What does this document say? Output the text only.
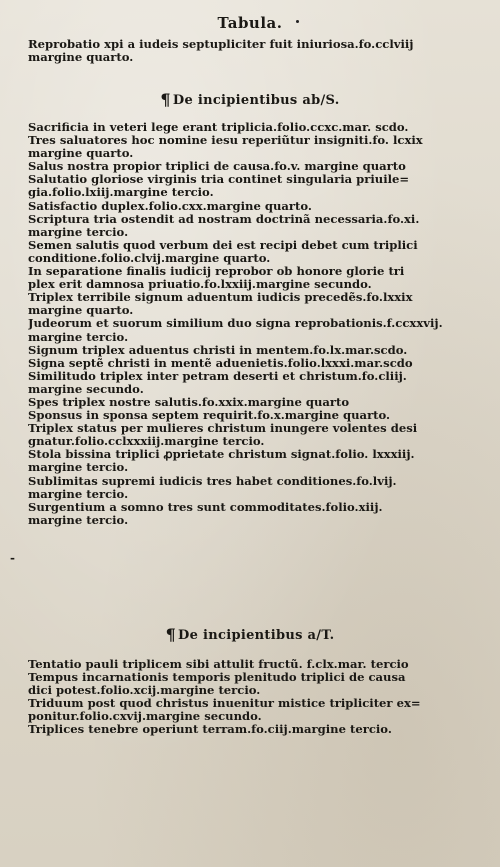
Tabula.
Reprobatio xpi a iudeis septupliciter fuit iniuriosa.fo.cclviij
margine quarto.
¶ De incipientibus ab/S.
Sacrificia in veteri lege erant triplicia.folio.ccxc.mar. scdo.
Tres saluatores hoc nomine iesu reperiũtur insigniti.fo. lcxix
margine quarto.
Salus nostra propior triplici de causa.fo.v. margine quarto
Salutatio gloriose virginis tria continet singularia priuile=
gia.folio.lxiij.margine tercio.
Satisfactio duplex.folio.cxx.margine quarto.
Scriptura tria ostendit ad nostram doctrinã necessaria.fo.xi.
margine tercio.
Semen salutis quod verbum dei est recipi debet cum triplici
conditione.folio.clvij.margine quarto.
In separatione finalis iudicij reprobor ob honore glorie tri
plex erit damnosa priuatio.fo.lxxiij.margine secundo.
Triplex terribile signum aduentum iudicis precedẽs.fo.lxxix
margine quarto.
Judeorum et suorum similium duo signa reprobationis.f.ccxxvij.
margine tercio.
Signum triplex aduentus christi in mentem.fo.lx.mar.scdo.
Signa septẽ christi in mentẽ aduenietis.folio.lxxxi.mar.scdo
Similitudo triplex inter petram deserti et christum.fo.cliij.
margine secundo.
Spes triplex nostre salutis.fo.xxix.margine quarto
Sponsus in sponsa septem requirit.fo.x.margine quarto.
Triplex status per mulieres christum inungere volentes desi
gnatur.folio.cclxxxiij.margine tercio.
Stola bissina triplici ꝓprietate christum signat.folio. lxxxiij.
margine tercio.
Sublimitas supremi iudicis tres habet conditiones.fo.lvij.
margine tercio.
Surgentium a somno tres sunt commoditates.folio.xiij.
margine tercio.
-
¶ De incipientibus a/T.
Tentatio pauli triplicem sibi attulit fructũ. f.clx.mar. tercio
Tempus incarnationis temporis plenitudo triplici de causa
dici potest.folio.xcij.margine tercio.
Triduum post quod christus inuenitur mistice tripliciter ex=
ponitur.folio.cxvij.margine secundo.
Triplices tenebre operiunt terram.fo.ciij.margine tercio.
